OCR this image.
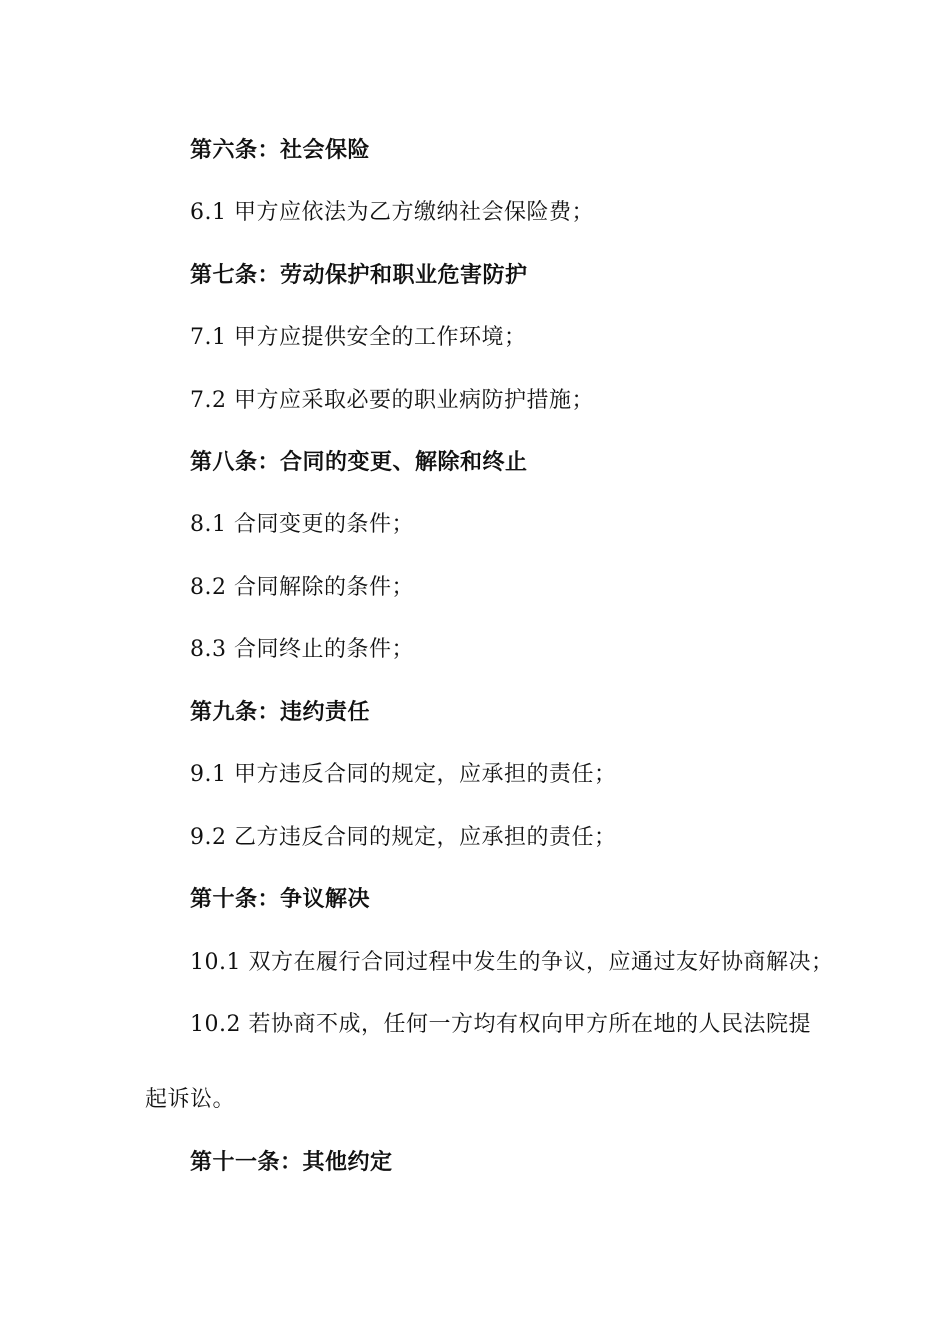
第六条：社会保险
6.1 甲方应依法为乙方缴纳社会保险费；
第七条：劳动保护和职业危害防护
7.1 甲方应提供安全的工作环境；
7.2 甲方应采取必要的职业病防护措施；
第八条：合同的变更、解除和终止
8.1 合同变更的条件；
8.2 合同解除的条件；
8.3 合同终止的条件；
第九条：违约责任
9.1 甲方违反合同的规定，应承担的责任；
9.2 乙方违反合同的规定，应承担的责任；
第十条：争议解决
10.1 双方在履行合同过程中发生的争议，应通过友好协商解决；
10.2 若协商不成，任何一方均有权向甲方所在地的人民法院提
起诉讼。
第十一条：其他约定
